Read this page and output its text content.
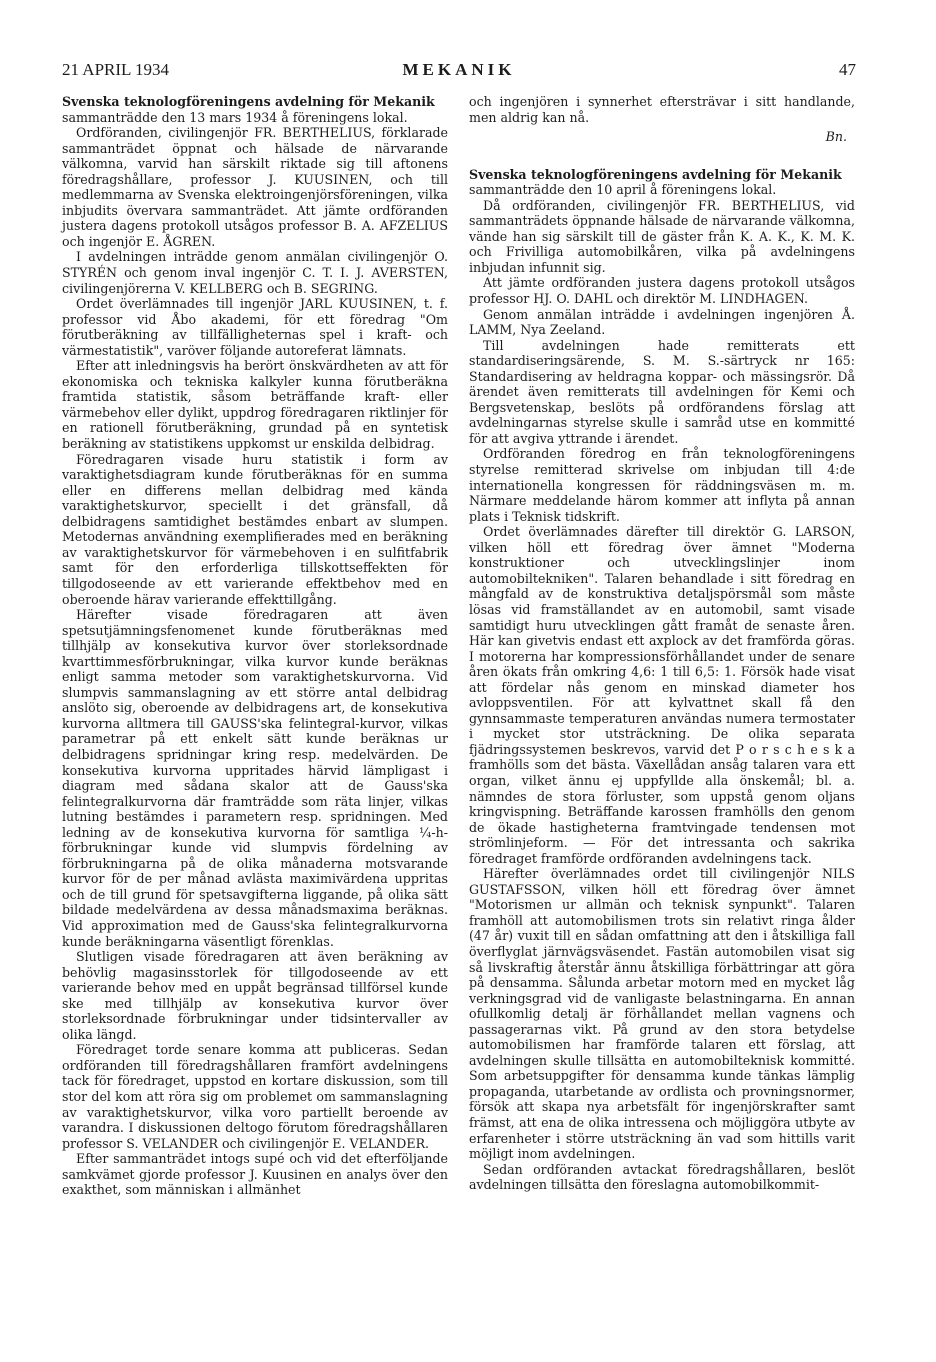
21 APRIL 1934	MEKANIK	47

Svenska teknologföreningens avdelning för Mekanik
sammanträdde den 13 mars 1934 å föreningens lokal.

Ordföranden, civilingenjör FR. BERTHELIUS, förklarade sammanträdet öppnat och hälsade de närvarande välkomna, varvid han särskilt riktade sig till aftonens föredragshållare, professor J. KUUSINEN, och till medlemmarna av Svenska elektroingenjörsföreningen, vilka inbjudits övervara sammanträdet. Att jämte ordföranden justera dagens protokoll utsågos professor B. A. AFZELIUS och ingenjör E. ÅGREN.

I avdelningen inträdde genom anmälan civilingenjör O. STYRÉN och genom inval ingenjör C. T. I. J. AVERSTEN, civilingenjörerna V. KELLBERG och B. SEGRING.

Ordet överlämnades till ingenjör JARL KUUSINEN, t. f. professor vid Åbo akademi, för ett föredrag "Om förutberäkning av tillfälligheternas spel i kraft- och värmestatistik", varöver följande autoreferat lämnats.

Efter att inledningsvis ha berört önskvärdheten av att för ekonomiska och tekniska kalkyler kunna förutberäkna framtida statistik, såsom beträffande kraft- eller värmebehov eller dylikt, uppdrog föredragaren riktlinjer för en rationell förutberäkning, grundad på en syntetisk beräkning av statistikens uppkomst ur enskilda delbidrag.

Föredragaren visade huru statistik i form av varaktighetsdiagram kunde förutberäknas för en summa eller en differens mellan delbidrag med kända varaktighetskurvor, speciellt i det gränsfall, då delbidragens samtidighet bestämdes enbart av slumpen. Metodernas användning exemplifierades med en beräkning av varaktighetskurvor för värmebehoven i en sulfitfabrik samt för den erforderliga tillskottseffekten för tillgodoseende av ett varierande effektbehov med en oberoende härav varierande effekttillgång.

Härefter visade föredragaren att även spetsutjämningsfenomenet kunde förutberäknas med tillhjälp av konsekutiva kurvor över storleksordnade kvarttimmesförbrukningar, vilka kurvor kunde beräknas enligt samma metoder som varaktighetskurvorna. Vid slumpvis sammanslagning av ett större antal delbidrag anslöto sig, oberoende av delbidragens art, de konsekutiva kurvorna alltmera till GAUSS'ska felintegral-kurvor, vilkas parametrar på ett enkelt sätt kunde beräknas ur delbidragens spridningar kring resp. medelvärden. De konsekutiva kurvorna uppritades härvid lämpligast i diagram med sådana skalor att de Gauss'ska felintegralkurvorna där framträdde som räta linjer, vilkas lutning bestämdes i parametern resp. spridningen. Med ledning av de konsekutiva kurvorna för samtliga ¼-h-förbrukningar kunde vid slumpvis fördelning av förbrukningarna på de olika månaderna motsvarande kurvor för de per månad avlästa maximivärdena uppritas och de till grund för spetsavgifterna liggande, på olika sätt bildade medelvärdena av dessa månadsmaxima beräknas. Vid approximation med de Gauss'ska felintegralkurvorna kunde beräkningarna väsentligt förenklas.

Slutligen visade föredragaren att även beräkning av behövlig magasinsstorlek för tillgodoseende av ett varierande behov med en uppåt begränsad tillförsel kunde ske med tillhjälp av konsekutiva kurvor över storleksordnade förbrukningar under tidsintervaller av olika längd.

Föredraget torde senare komma att publiceras. Sedan ordföranden till föredragshållaren framfört avdelningens tack för föredraget, uppstod en kortare diskussion, som till stor del kom att röra sig om problemet om sammanslagning av varaktighetskurvor, vilka voro partiellt beroende av varandra. I diskussionen deltogo förutom föredragshållaren professor S. VELANDER och civilingenjör E. VELANDER.

Efter sammanträdet intogs supé och vid det efterföljande samkvämet gjorde professor J. Kuusinen en analys över den exakthet, som människan i allmänhet

och ingenjören i synnerhet eftersträvar i sitt handlande, men aldrig kan nå.

Bn.

Svenska teknologföreningens avdelning för Mekanik
sammanträdde den 10 april å föreningens lokal.

Då ordföranden, civilingenjör FR. BERTHELIUS, vid sammanträdets öppnande hälsade de närvarande välkomna, vände han sig särskilt till de gäster från K. A. K., K. M. K. och Frivilliga automobilkåren, vilka på avdelningens inbjudan infunnit sig.

Att jämte ordföranden justera dagens protokoll utsågos professor HJ. O. DAHL och direktör M. LINDHAGEN.

Genom anmälan inträdde i avdelningen ingenjören Å. LAMM, Nya Zeeland.

Till avdelningen hade remitterats ett standardiseringsärende, S. M. S.-särtryck nr 165: Standardisering av heldragna koppar- och mässingsrör. Då ärendet även remitterats till avdelningen för Kemi och Bergsvetenskap, beslöts på ordförandens förslag att avdelningarnas styrelse skulle i samråd utse en kommitté för att avgiva yttrande i ärendet.

Ordföranden föredrog en från teknologföreningens styrelse remitterad skrivelse om inbjudan till 4:de internationella kongressen för räddningsväsen m. m. Närmare meddelande härom kommer att inflyta på annan plats i Teknisk tidskrift.

Ordet överlämnades därefter till direktör G. LARSON, vilken höll ett föredrag över ämnet "Moderna konstruktioner och utvecklingslinjer inom automobiltekniken". Talaren behandlade i sitt föredrag en mångfald av de konstruktiva detaljspörsmål som måste lösas vid framställandet av en automobil, samt visade samtidigt huru utvecklingen gått framåt de senaste åren. Här kan givetvis endast ett axplock av det framförda göras. I motorerna har kompressionsförhållandet under de senare åren ökats från omkring 4,6: 1 till 6,5: 1. Försök hade visat att fördelar nås genom en minskad diameter hos avloppsventilen. För att kylvattnet skall få den gynnsammaste temperaturen användas numera termostater i mycket stor utsträckning. De olika separata fjädringssystemen beskrevos, varvid det P o r s c h e s k a framhölls som det bästa. Växellådan ansåg talaren vara ett organ, vilket ännu ej uppfyllde alla önskemål; bl. a. nämndes de stora förluster, som uppstå genom oljans kringvispning. Beträffande karossen framhölls den genom de ökade hastigheterna framtvingade tendensen mot strömlinjeform. — För det intressanta och sakrika föredraget framförde ordföranden avdelningens tack.

Härefter överlämnades ordet till civilingenjör NILS GUSTAFSSON, vilken höll ett föredrag över ämnet "Motorismen ur allmän och teknisk synpunkt". Talaren framhöll att automobilismen trots sin relativt ringa ålder (47 år) vuxit till en sådan omfattning att den i åtskilliga fall överflyglat järnvägsväsendet. Fastän automobilen visat sig så livskraftig återstår ännu åtskilliga förbättringar att göra på densamma. Sålunda arbetar motorn med en mycket låg verkningsgrad vid de vanligaste belastningarna. En annan ofullkomlig detalj är förhållandet mellan vagnens och passagerarnas vikt. På grund av den stora betydelse automobilismen har framförde talaren ett förslag, att avdelningen skulle tillsätta en automobilteknisk kommitté. Som arbetsuppgifter för densamma kunde tänkas lämplig propaganda, utarbetande av ordlista och provningsnormer, försök att skapa nya arbetsfält för ingenjörskrafter samt främst, att ena de olika intressena och möjliggöra utbyte av erfarenheter i större utsträckning än vad som hittills varit möjligt inom avdelningen.

Sedan ordföranden avtackat föredragshållaren, beslöt avdelningen tillsätta den föreslagna automobilkommit-
